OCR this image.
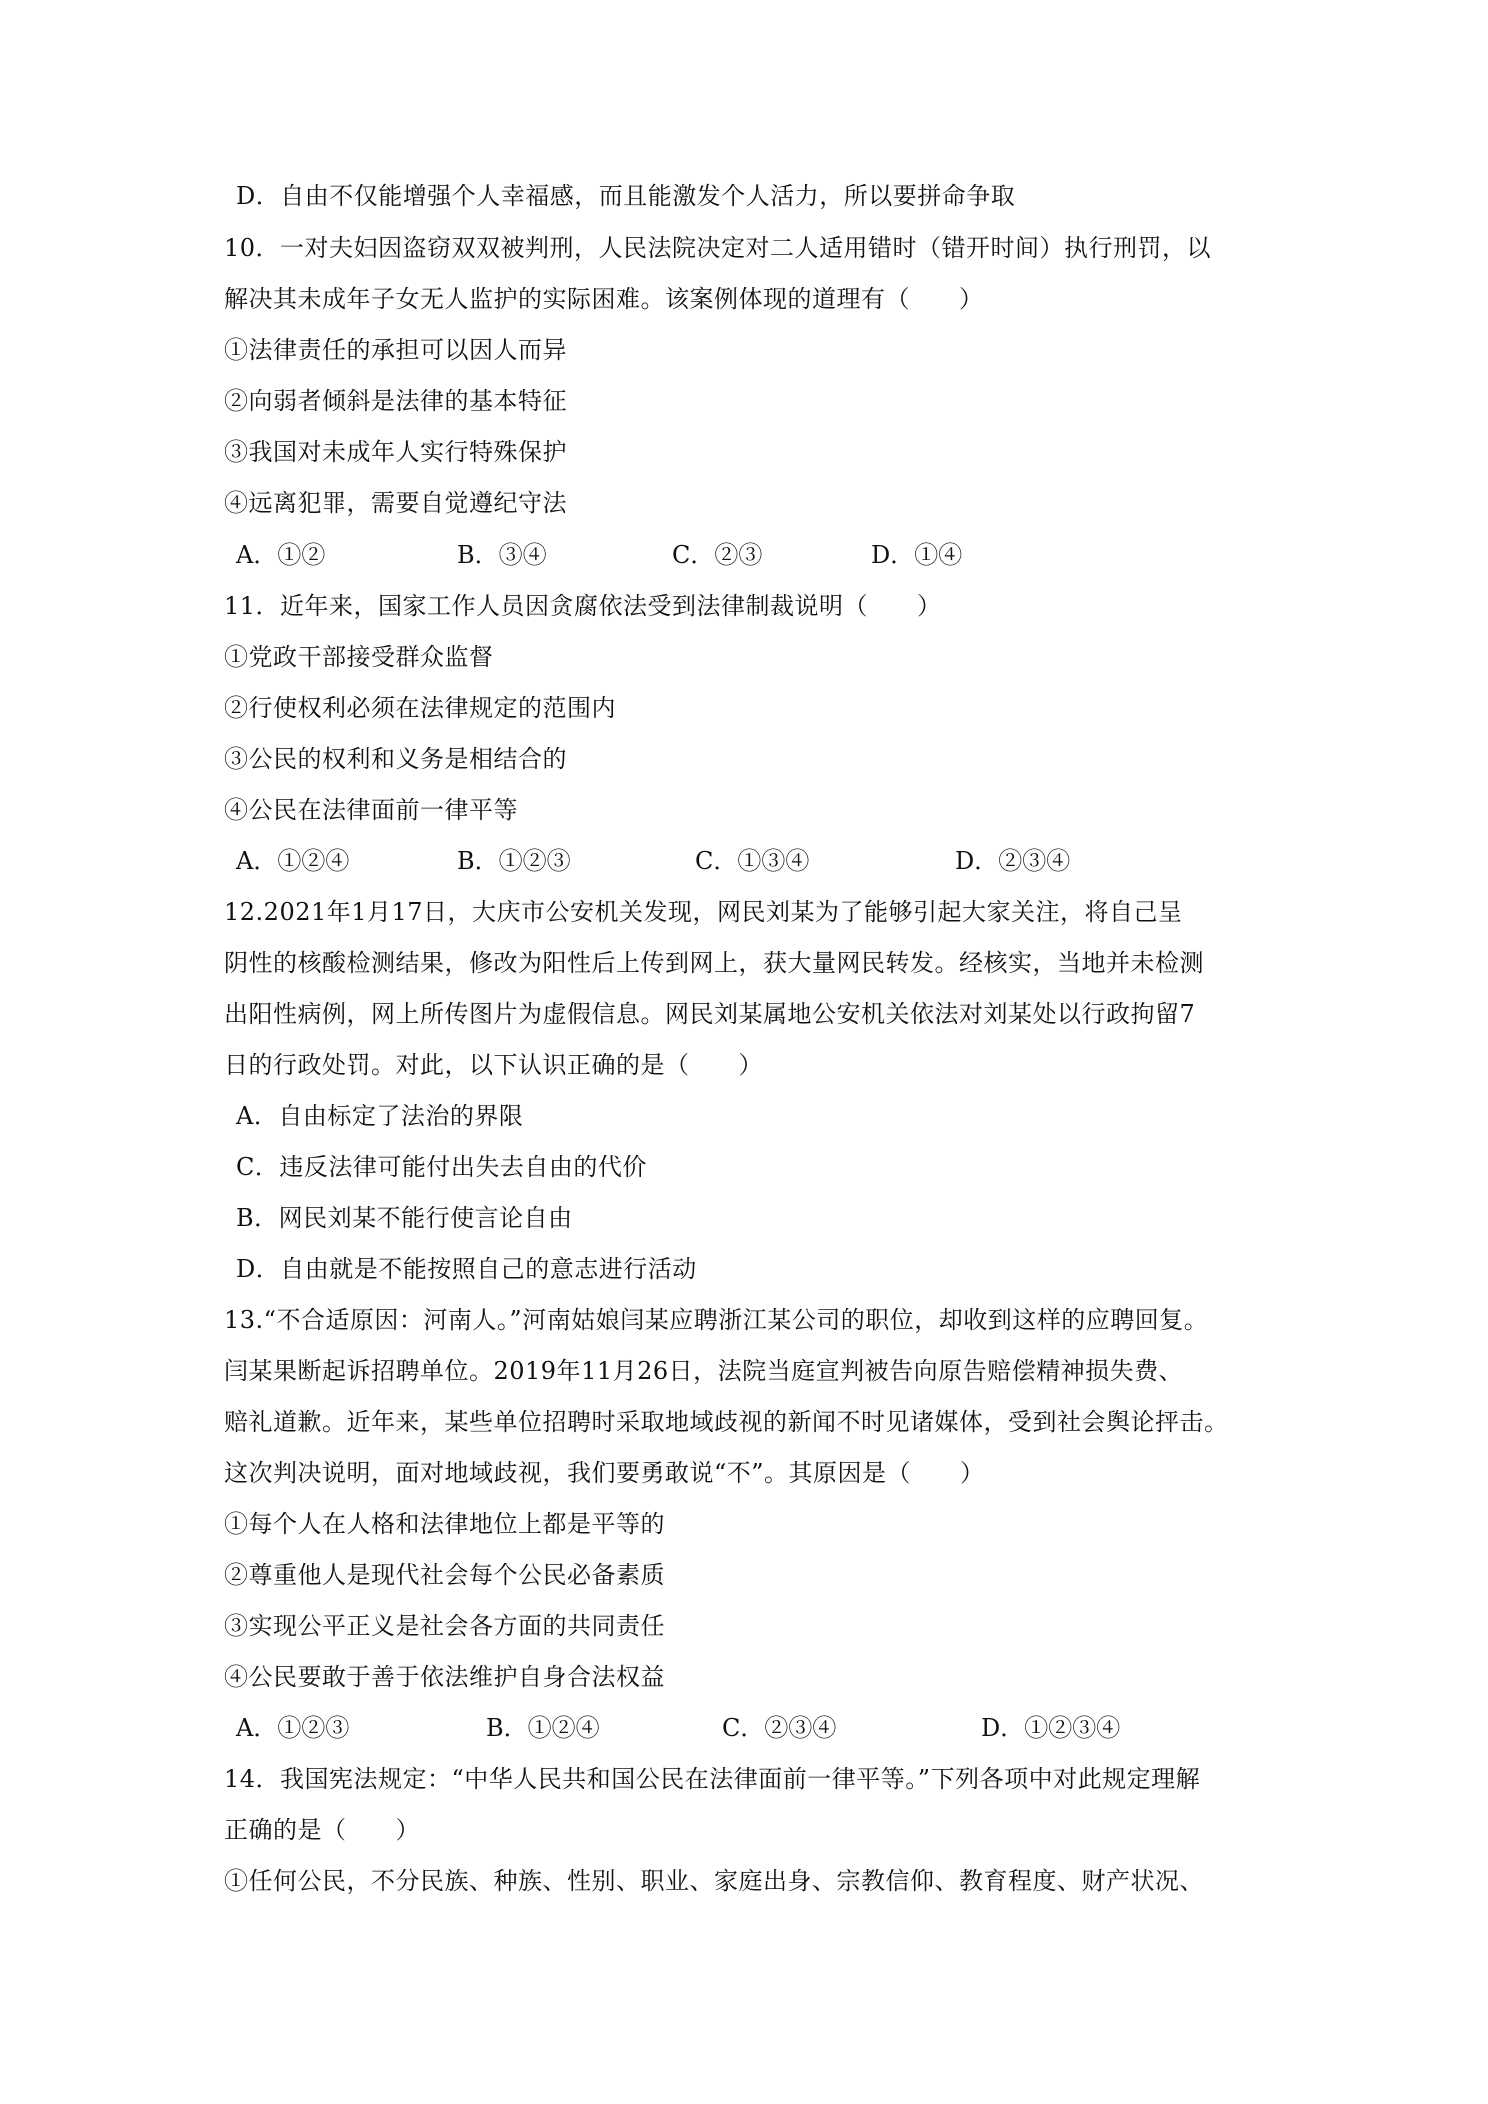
D．自由不仅能增强个人幸福感，而且能激发个人活力，所以要拼命争取
10．一对夫妇因盗窃双双被判刑，人民法院决定对二人适用错时（错开时间）执行刑罚，以
解决其未成年子女无人监护的实际困难。该案例体现的道理有（　　）
①法律责任的承担可以因人而异
②向弱者倾斜是法律的基本特征
③我国对未成年人实行特殊保护
④远离犯罪，需要自觉遵纪守法
A．①②	B．③④	C．②③	D．①④
11．近年来，国家工作人员因贪腐依法受到法律制裁说明（　　）
①党政干部接受群众监督
②行使权利必须在法律规定的范围内
③公民的权利和义务是相结合的
④公民在法律面前一律平等
A．①②④	B．①②③	C．①③④	D．②③④
12.2021年1月17日，大庆市公安机关发现，网民刘某为了能够引起大家关注，将自己呈
阴性的核酸检测结果，修改为阳性后上传到网上，获大量网民转发。经核实，当地并未检测
出阳性病例，网上所传图片为虚假信息。网民刘某属地公安机关依法对刘某处以行政拘留7
日的行政处罚。对此，以下认识正确的是（　　）
A．自由标定了法治的界限
C．违反法律可能付出失去自由的代价
B．网民刘某不能行使言论自由
D．自由就是不能按照自己的意志进行活动
13.“不合适原因：河南人。”河南姑娘闫某应聘浙江某公司的职位，却收到这样的应聘回复。
闫某果断起诉招聘单位。2019年11月26日，法院当庭宣判被告向原告赔偿精神损失费、
赔礼道歉。近年来，某些单位招聘时采取地域歧视的新闻不时见诸媒体，受到社会舆论抨击。
这次判决说明，面对地域歧视，我们要勇敢说“不”。其原因是（　　）
①每个人在人格和法律地位上都是平等的
②尊重他人是现代社会每个公民必备素质
③实现公平正义是社会各方面的共同责任
④公民要敢于善于依法维护自身合法权益
A．①②③	B．①②④	C．②③④	D．①②③④
14．我国宪法规定：“中华人民共和国公民在法律面前一律平等。”下列各项中对此规定理解
正确的是（　　）
①任何公民，不分民族、种族、性别、职业、家庭出身、宗教信仰、教育程度、财产状况、
